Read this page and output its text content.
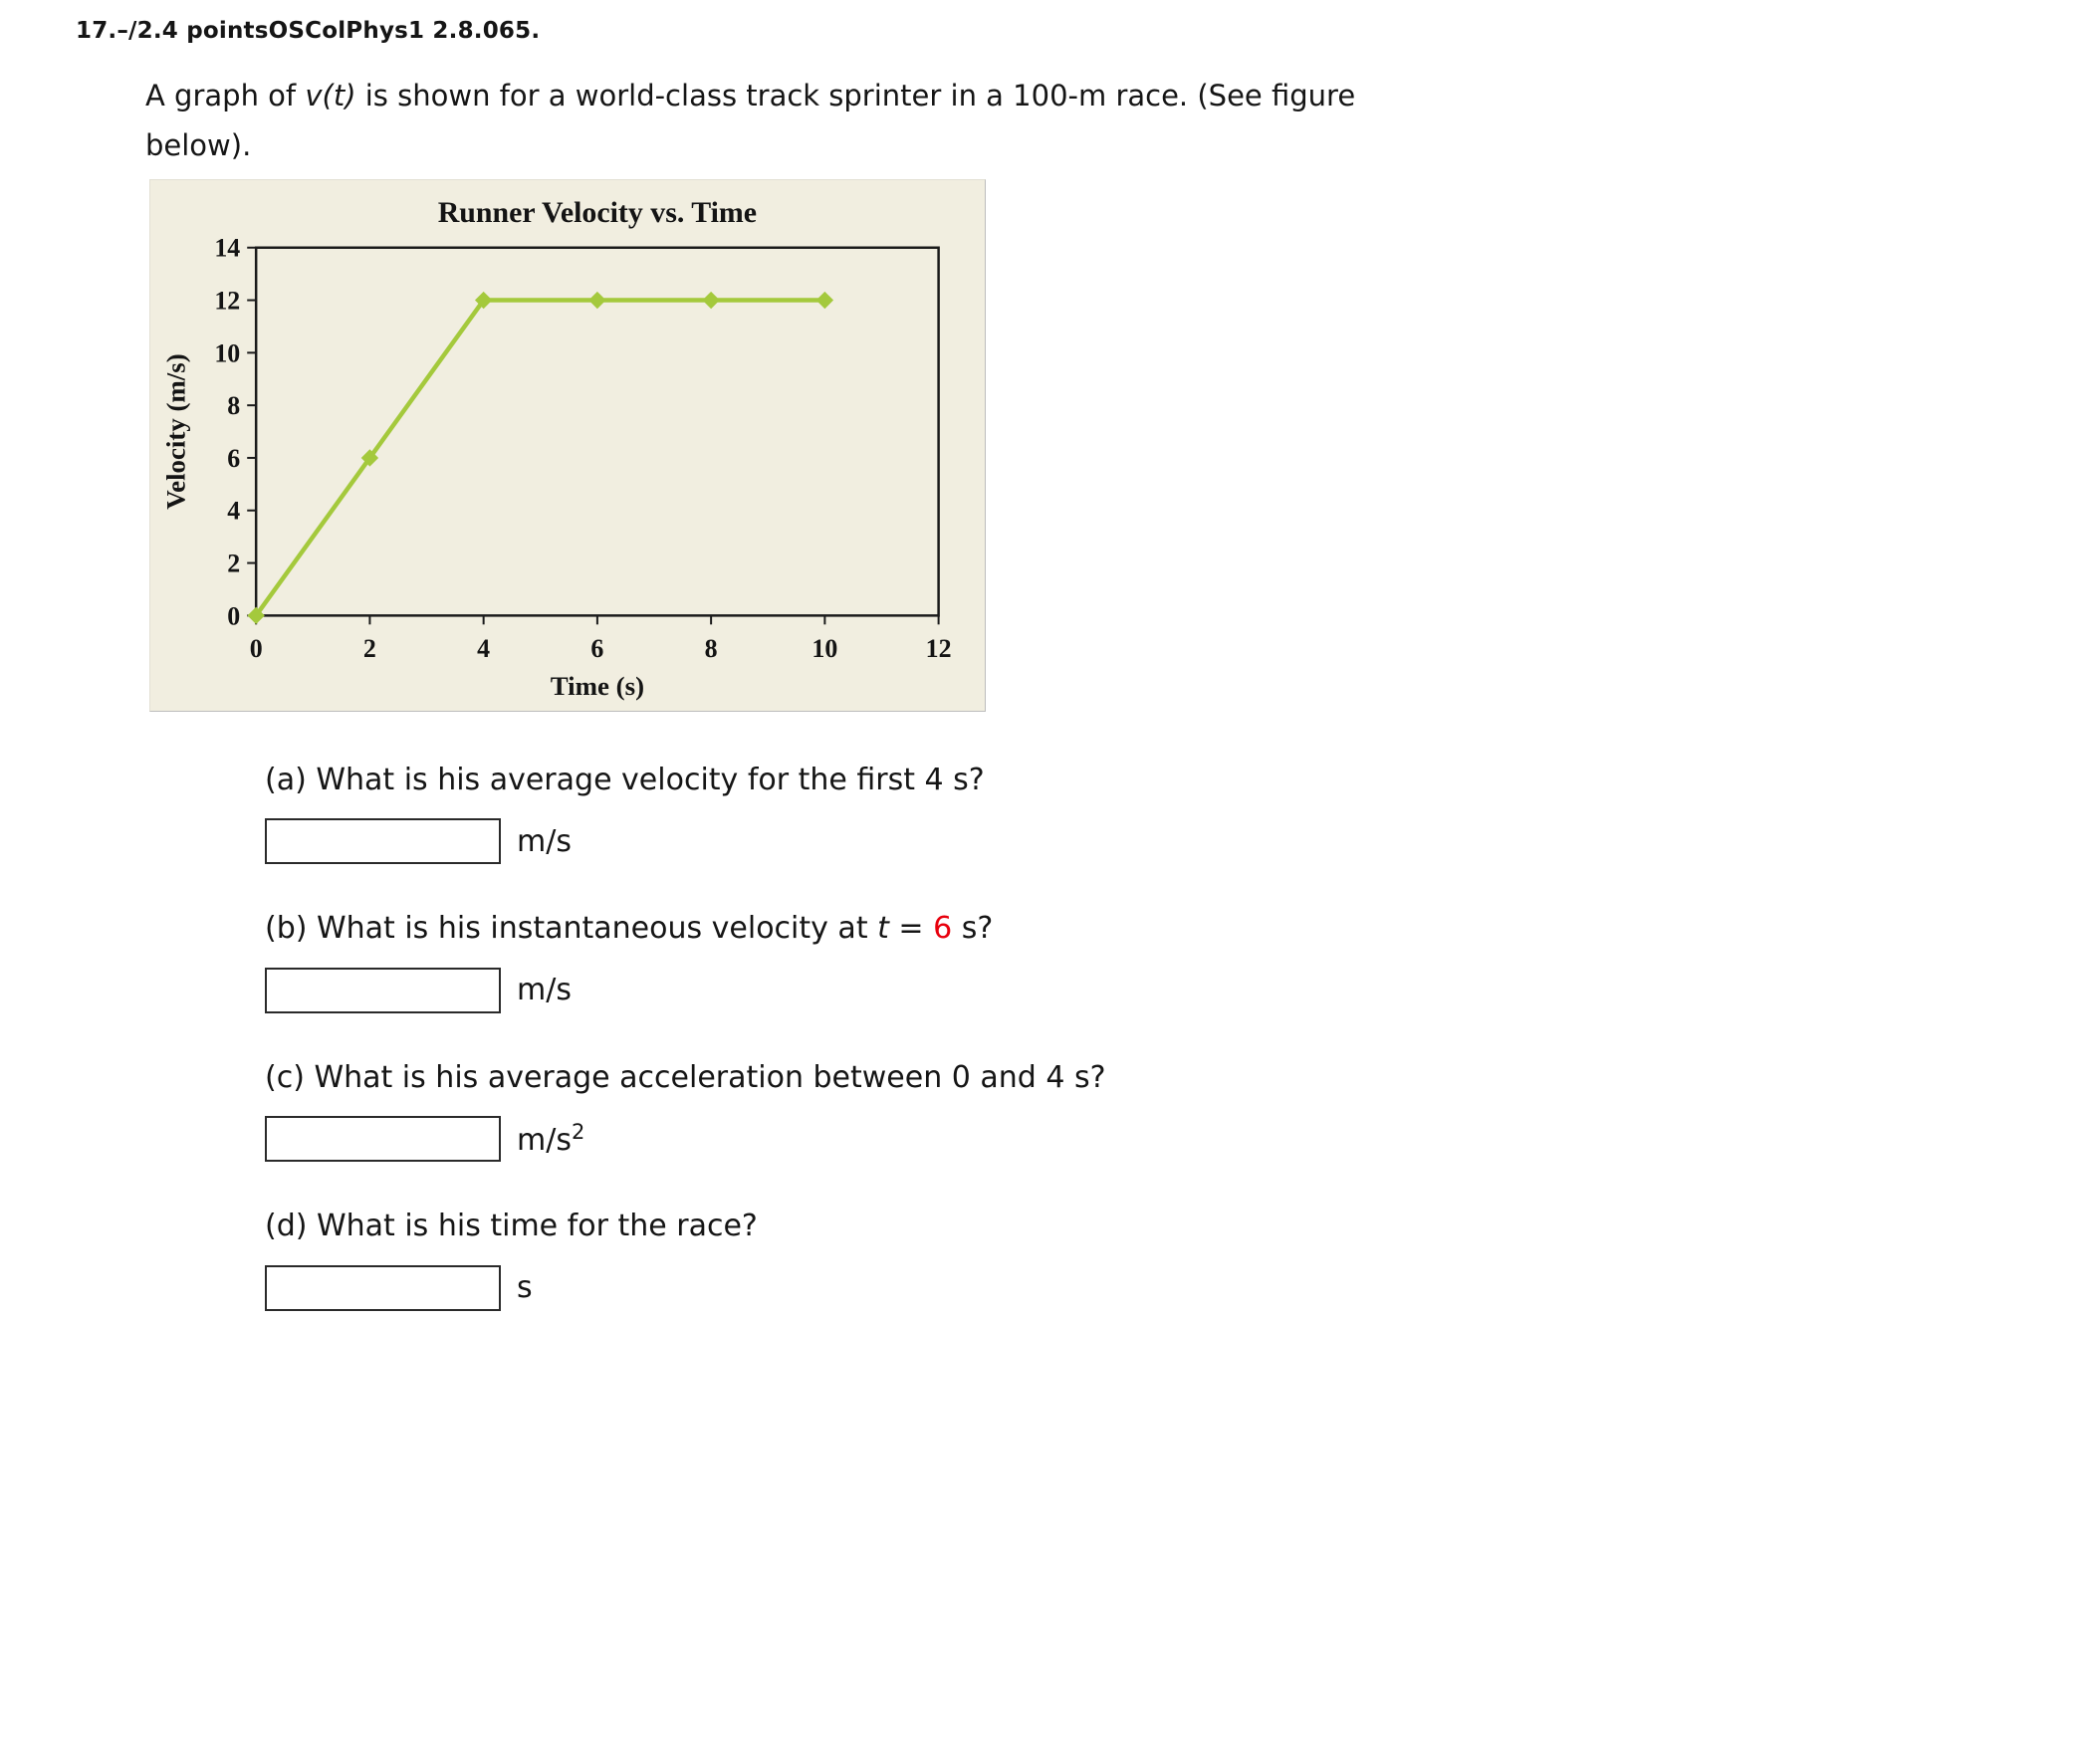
17.–/2.4 pointsOSColPhys1 2.8.065.
A graph of v(t) is shown for a world-class track sprinter in a 100-m race. (See figure
below).
Runner Velocity vs. Time
0
2
4
6
8
10
12
14
0	2	4	6	8	10	12
Time (s)
Velocity (m/s)
(a) What is his average velocity for the first 4 s?
m/s
(b) What is his instantaneous velocity at t = 6 s?
m/s
(c) What is his average acceleration between 0 and 4 s?
$m/s^2$
(d) What is his time for the race?
s
